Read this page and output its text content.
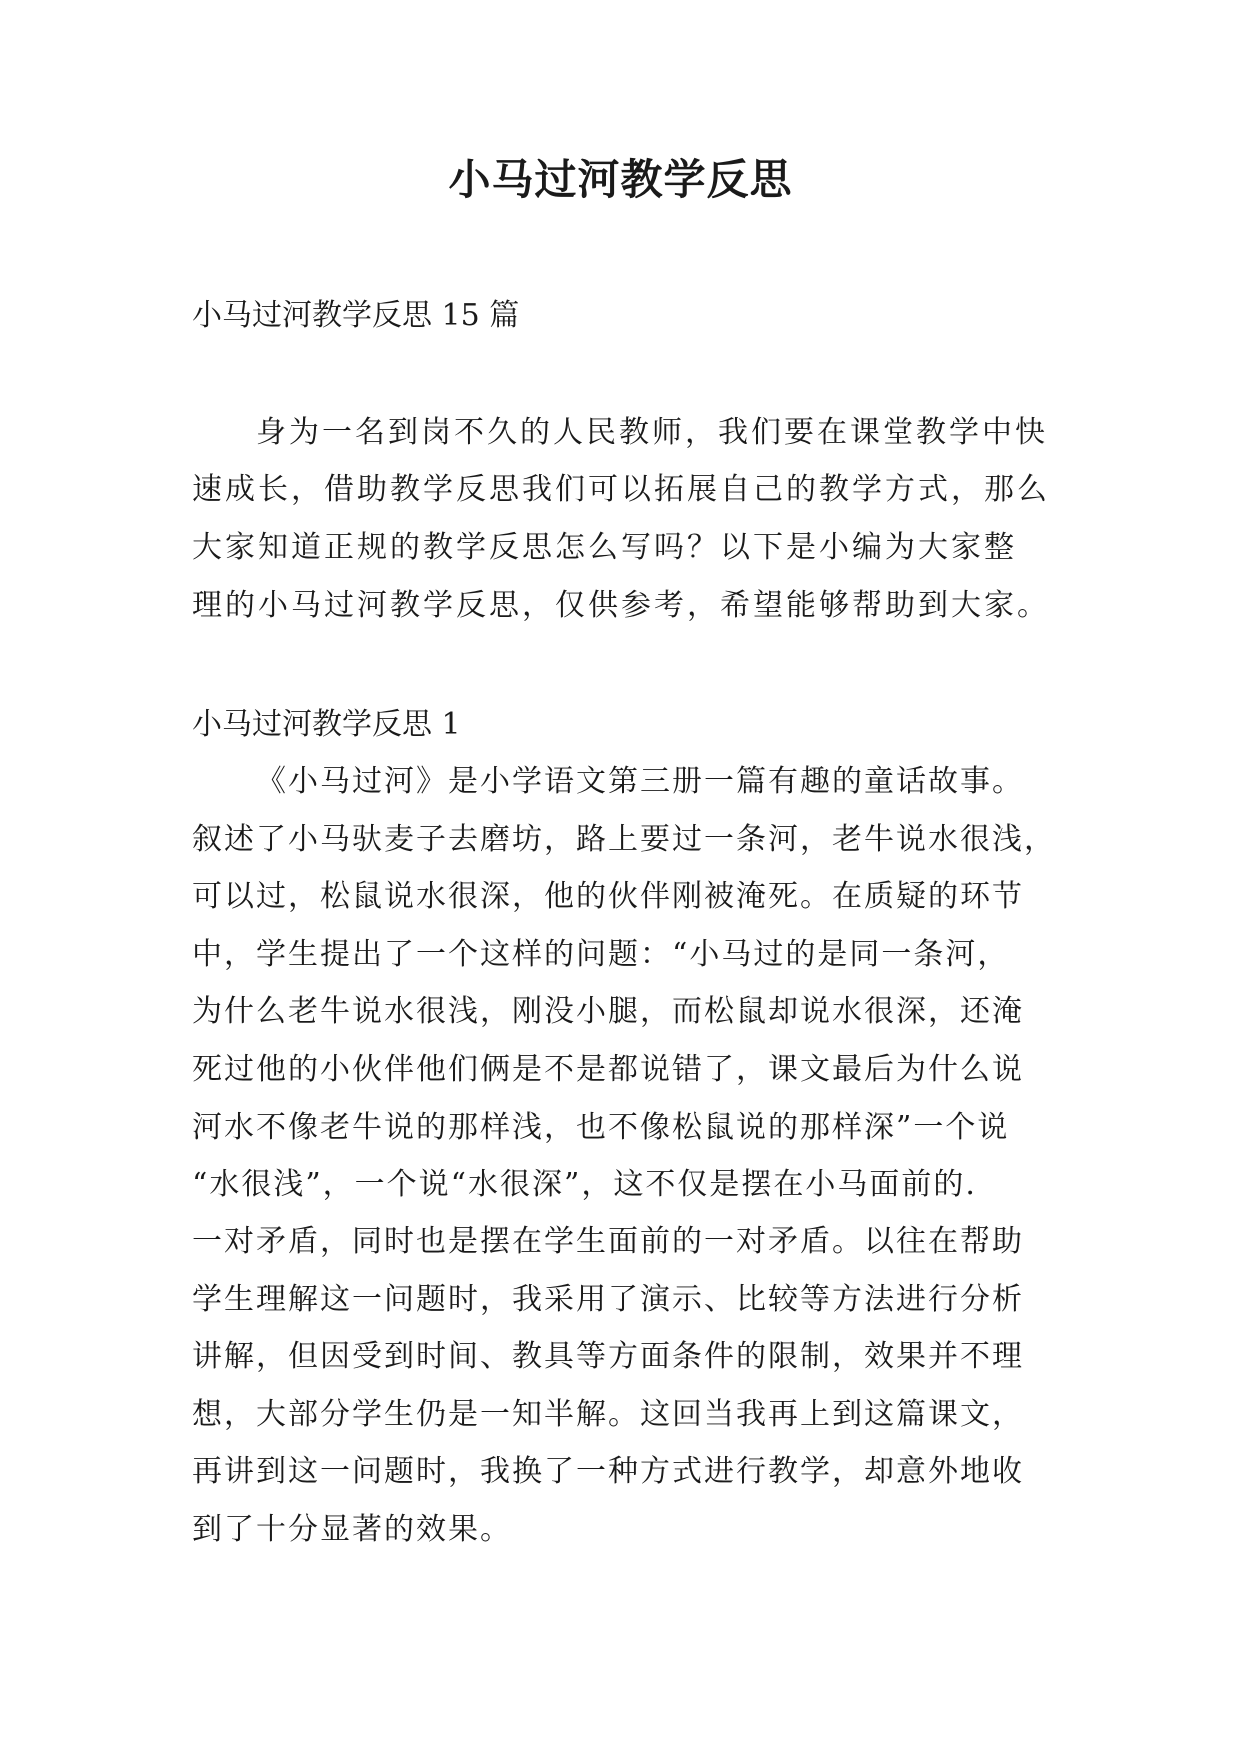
小马过河教学反思

小马过河教学反思 15 篇

身为一名到岗不久的人民教师，我们要在课堂教学中快

速成长，借助教学反思我们可以拓展自己的教学方式，那么

大家知道正规的教学反思怎么写吗？以下是小编为大家整

理的小马过河教学反思，仅供参考，希望能够帮助到大家。

小马过河教学反思 1

《小马过河》是小学语文第三册一篇有趣的童话故事。

叙述了小马驮麦子去磨坊，路上要过一条河，老牛说水很浅，

可以过，松鼠说水很深，他的伙伴刚被淹死。在质疑的环节

中，学生提出了一个这样的问题：“小马过的是同一条河，

为什么老牛说水很浅，刚没小腿，而松鼠却说水很深，还淹

死过他的小伙伴他们俩是不是都说错了，课文最后为什么说

河水不像老牛说的那样浅，也不像松鼠说的那样深”一个说

“水很浅”，一个说“水很深”，这不仅是摆在小马面前的.

一对矛盾，同时也是摆在学生面前的一对矛盾。以往在帮助

学生理解这一问题时，我采用了演示、比较等方法进行分析

讲解，但因受到时间、教具等方面条件的限制，效果并不理

想，大部分学生仍是一知半解。这回当我再上到这篇课文，

再讲到这一问题时，我换了一种方式进行教学，却意外地收

到了十分显著的效果。
